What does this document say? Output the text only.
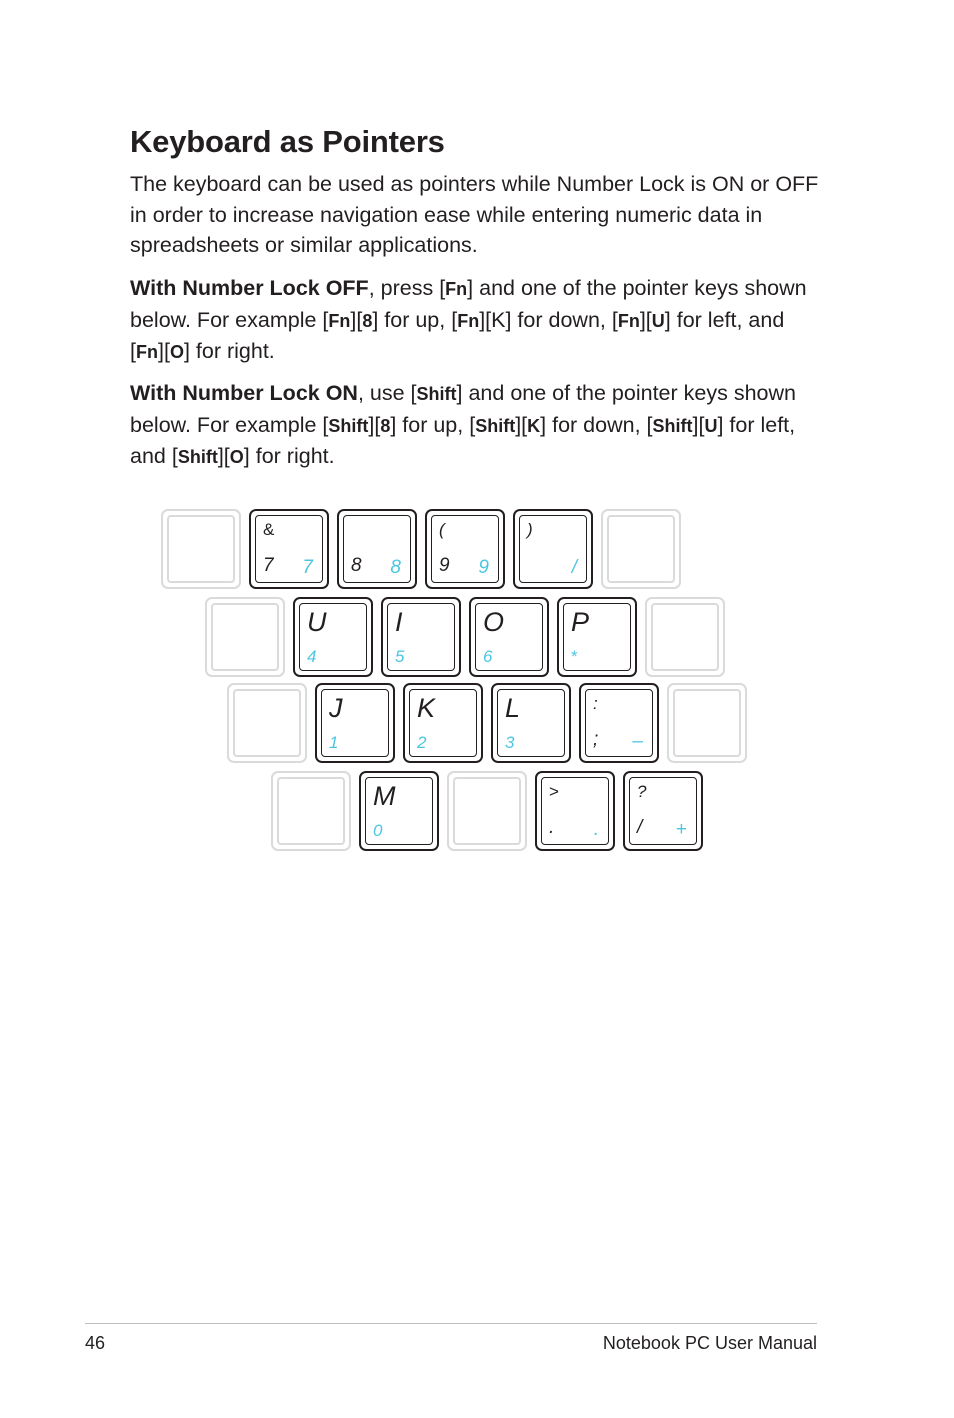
Keyboard as Pointers

The keyboard can be used as pointers while Number Lock is ON or OFF in order to increase navigation ease while entering numeric data in spreadsheets or similar applications.

With Number Lock OFF, press [Fn] and one of the pointer keys shown below. For example [Fn][8] for up, [Fn][K] for down, [Fn][U] for left, and [Fn][O] for right.

With Number Lock ON, use [Shift] and one of the pointer keys shown below. For example [Shift][8] for up, [Shift][K] for down, [Shift][U] for left, and [Shift][O] for right.

&
7 7 8 8
(
9 9
)
/
U
4
I
5
O
6
P
*
J
1
K
2
L
3
:
; –
M
0
>
. .
?
/ +
46	Notebook PC User Manual
